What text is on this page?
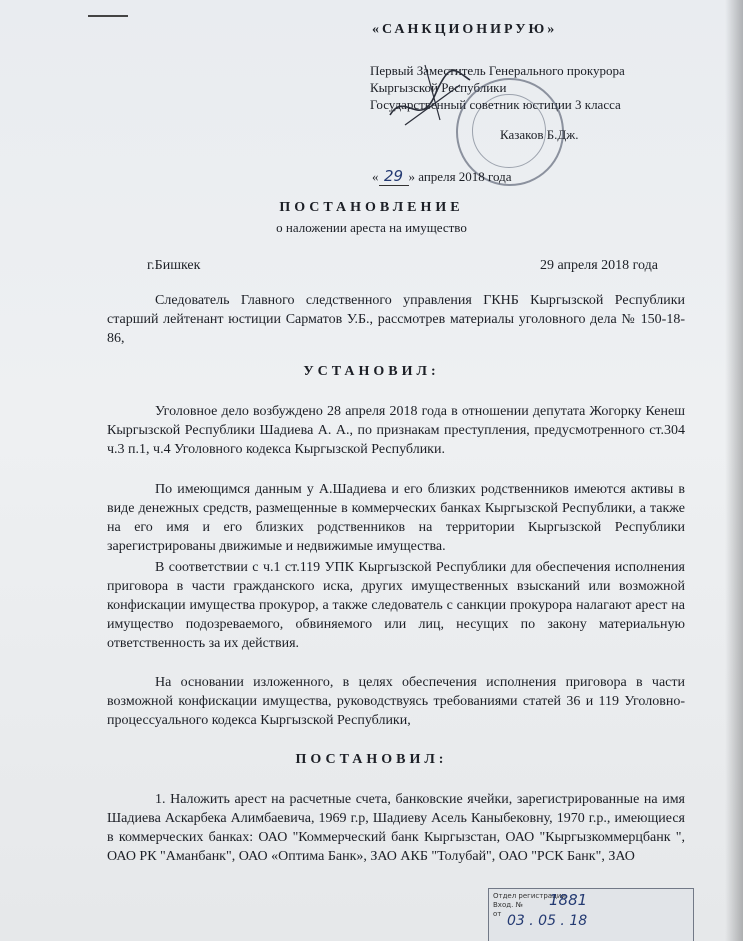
«САНКЦИОНИРУЮ»
Первый Заместитель Генерального прокурора
Кыргызской Республики
Государственный советник юстиции 3 класса
Казаков Б.Дж.
« 29 » апреля 2018 года
ПОСТАНОВЛЕНИЕ
о наложении ареста на имущество
г.Бишкек	29 апреля 2018 года
Следователь Главного следственного управления ГКНБ Кыргызской Республики старший лейтенант юстиции Сарматов У.Б., рассмотрев материалы уголовного дела № 150-18-86,
УСТАНОВИЛ:
Уголовное дело возбуждено 28 апреля 2018 года в отношении депутата Жогорку Кенеш Кыргызской Республики Шадиева А. А., по признакам преступления, предусмотренного ст.304 ч.3 п.1, ч.4 Уголовного кодекса Кыргызской Республики.
По имеющимся данным у А.Шадиева и его близких родственников имеются активы в виде денежных средств, размещенные в коммерческих банках Кыргызской Республики, а также на его имя и его близких родственников на территории Кыргызской Республики зарегистрированы движимые и недвижимые имущества.
В соответствии с ч.1 ст.119 УПК Кыргызской Республики для обеспечения исполнения приговора в части гражданского иска, других имущественных взысканий или возможной конфискации имущества прокурор, а также следователь с санкции прокурора налагают арест на имущество подозреваемого, обвиняемого или лиц, несущих по закону материальную ответственность за их действия.
На основании изложенного, в целях обеспечения исполнения приговора в части возможной конфискации имущества, руководствуясь требованиями статей 36 и 119 Уголовно-процессуального кодекса Кыргызской Республики,
ПОСТАНОВИЛ:
1. Наложить арест на расчетные счета, банковские ячейки, зарегистрированные на имя Шадиева Аскарбека Алимбаевича, 1969 г.р, Шадиеву Асель Каныбековну, 1970 г.р., имеющиеся в коммерческих банках: ОАО "Коммерческий банк Кыргызстан, ОАО "Кыргызкоммерцбанк ", ОАО РК "Аманбанк", ОАО «Оптима Банк», ЗАО АКБ "Толубай", ОАО "РСК Банк", ЗАО
Отдел регистрации
Вход. №
от
1881
03 . 05 . 18
